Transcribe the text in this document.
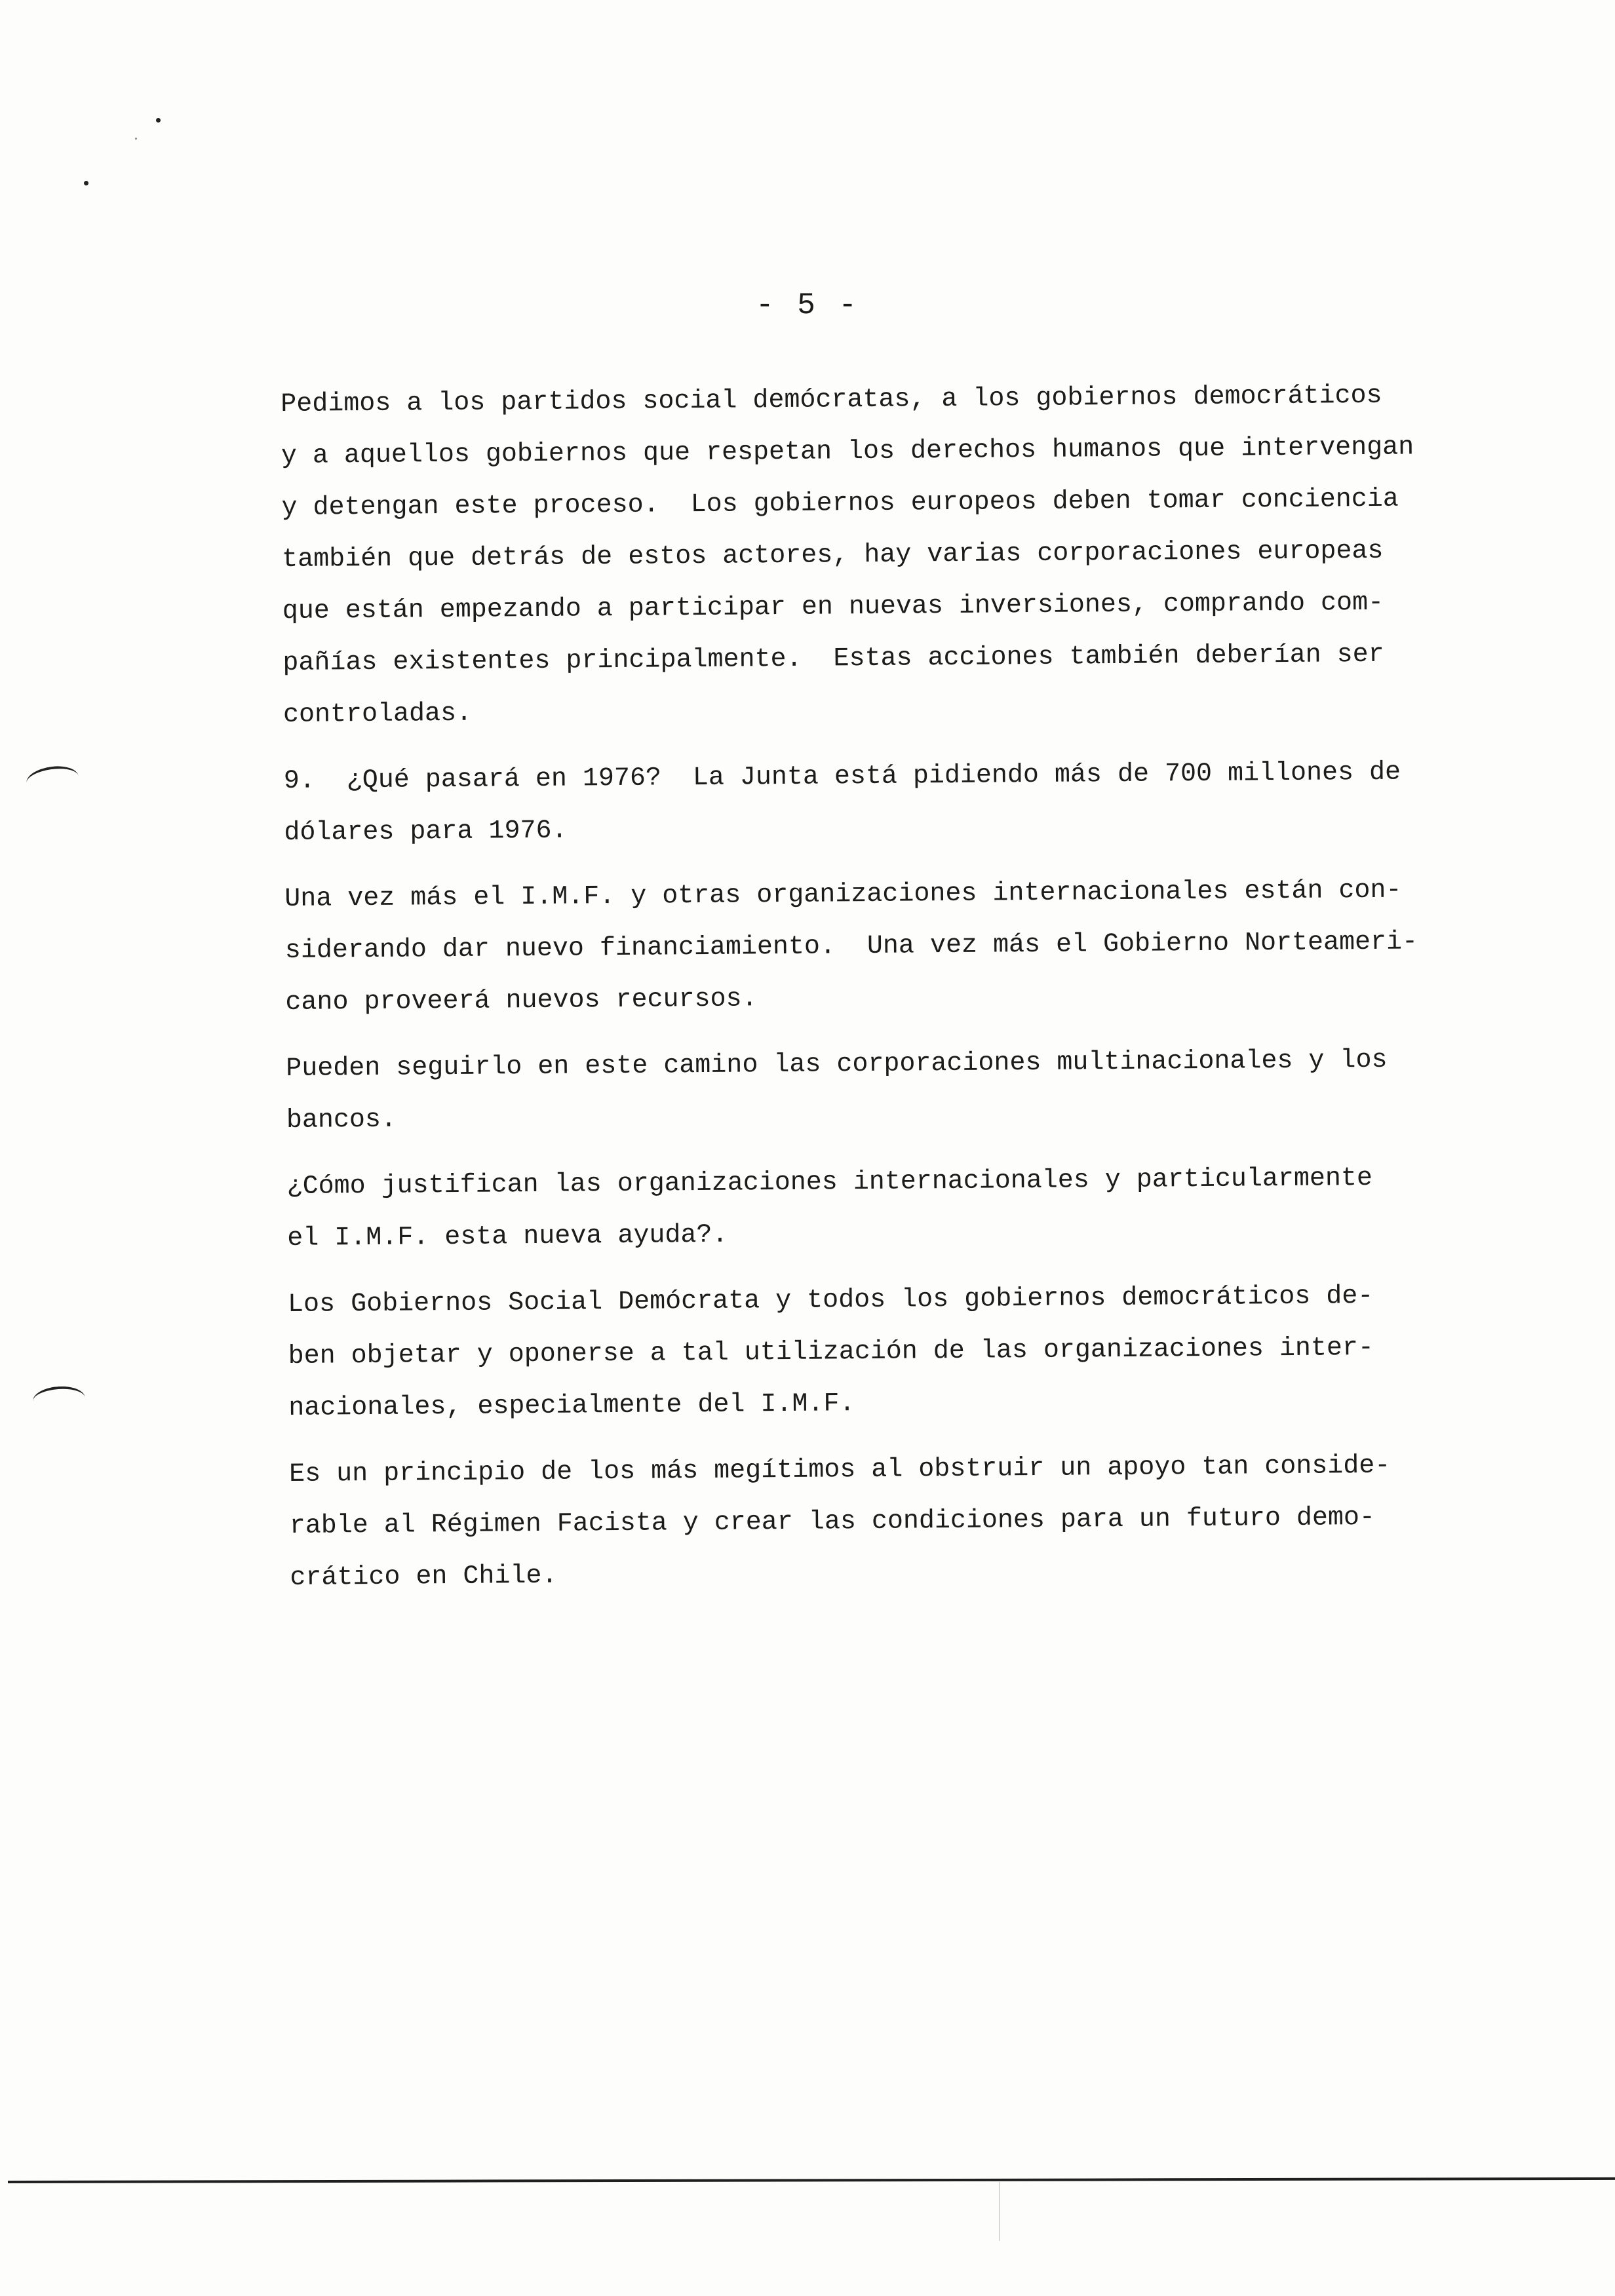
- 5 -
Pedimos a los partidos social demócratas, a los gobiernos democráticos
y a aquellos gobiernos que respetan los derechos humanos que intervengan
y detengan este proceso.  Los gobiernos europeos deben tomar conciencia
también que detrás de estos actores, hay varias corporaciones europeas
que están empezando a participar en nuevas inversiones, comprando com-
pañías existentes principalmente.  Estas acciones también deberían ser
controladas.
9.  ¿Qué pasará en 1976?  La Junta está pidiendo más de 700 millones de
dólares para 1976.
Una vez más el I.M.F. y otras organizaciones internacionales están con-
siderando dar nuevo financiamiento.  Una vez más el Gobierno Norteameri-
cano proveerá nuevos recursos.
Pueden seguirlo en este camino las corporaciones multinacionales y los
bancos.
¿Cómo justifican las organizaciones internacionales y particularmente
el I.M.F. esta nueva ayuda?.
Los Gobiernos Social Demócrata y todos los gobiernos democráticos de-
ben objetar y oponerse a tal utilización de las organizaciones inter-
nacionales, especialmente del I.M.F.
Es un principio de los más megítimos al obstruir un apoyo tan conside-
rable al Régimen Facista y crear las condiciones para un futuro demo-
crático en Chile.
